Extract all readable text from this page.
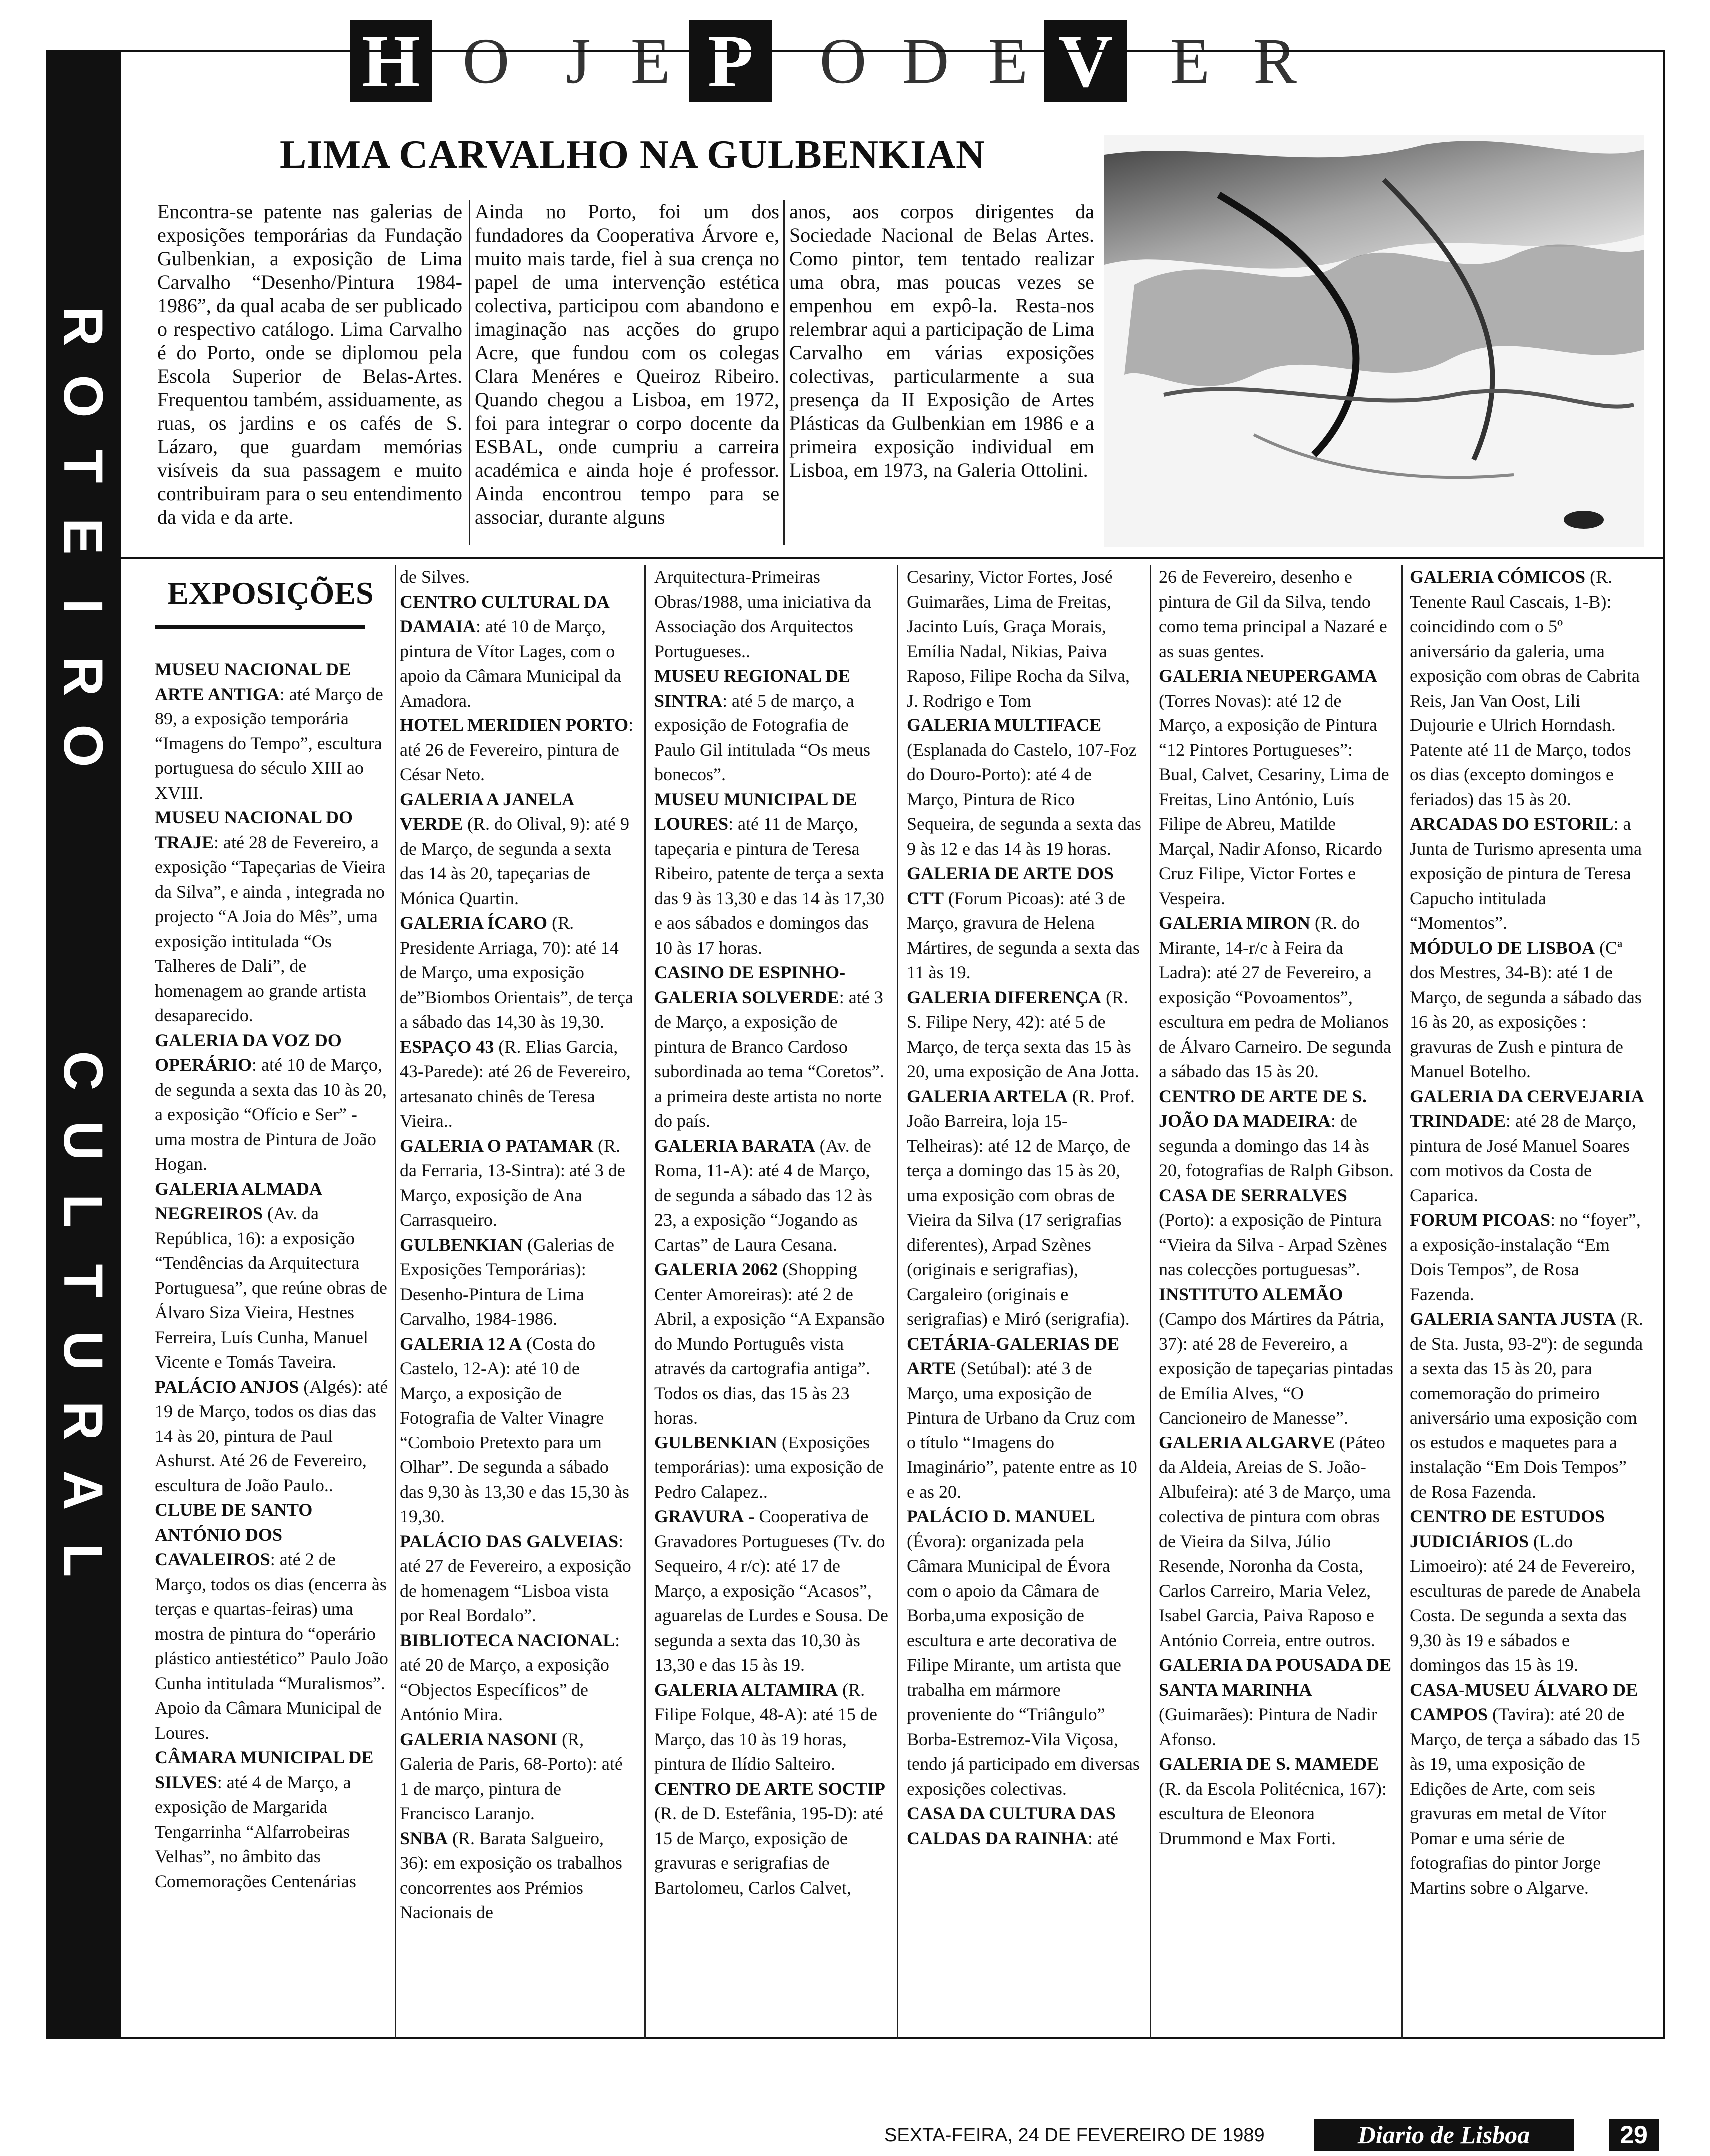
H O J E P O D E V E R
R
O
T
E
I
R
O
C
U
L
T
U
R
A
L
LIMA CARVALHO NA GULBENKIAN
Encontra-se patente nas galerias de exposições temporárias da Fundação Gulbenkian, a exposição de Lima Carvalho “Desenho/Pintura 1984-1986”, da qual acaba de ser publicado o respectivo catálogo. Lima Carvalho é do Porto, onde se diplomou pela Escola Superior de Belas-Artes. Frequentou também, assiduamente, as ruas, os jardins e os cafés de S. Lázaro, que guardam memórias visíveis da sua passagem e muito contribuiram para o seu entendimento da vida e da arte.
Ainda no Porto, foi um dos fundadores da Cooperativa Árvore e, muito mais tarde, fiel à sua crença no papel de uma intervenção estética colectiva, participou com abandono e imaginação nas acções do grupo Acre, que fundou com os colegas Clara Menéres e Queiroz Ribeiro. Quando chegou a Lisboa, em 1972, foi para integrar o corpo docente da ESBAL, onde cumpriu a carreira académica e ainda hoje é professor. Ainda encontrou tempo para se associar, durante alguns
anos, aos corpos dirigentes da Sociedade Nacional de Belas Artes. Como pintor, tem tentado realizar uma obra, mas poucas vezes se empenhou em expô-la. Resta-nos relembrar aqui a participação de Lima Carvalho em várias exposições colectivas, particularmente a sua presença da II Exposição de Artes Plásticas da Gulbenkian em 1986 e a primeira exposição individual em Lisboa, em 1973, na Galeria Ottolini.
EXPOSIÇÕES

MUSEU NACIONAL DE ARTE ANTIGA: até Março de 89, a exposição temporária “Imagens do Tempo”, escultura portuguesa do século XIII ao XVIII.

MUSEU NACIONAL DO TRAJE: até 28 de Fevereiro, a exposição “Tapeçarias de Vieira da Silva”, e ainda , integrada no projecto “A Joia do Mês”, uma exposição intitulada “Os Talheres de Dali”, de homenagem ao grande artista desaparecido.

GALERIA DA VOZ DO OPERÁRIO: até 10 de Março, de segunda a sexta das 10 às 20, a exposição “Ofício e Ser” - uma mostra de Pintura de João Hogan.

GALERIA ALMADA NEGREIROS (Av. da República, 16): a exposição “Tendências da Arquitectura Portuguesa”, que reúne obras de Álvaro Siza Vieira, Hestnes Ferreira, Luís Cunha, Manuel Vicente e Tomás Taveira.

PALÁCIO ANJOS (Algés): até 19 de Março, todos os dias das 14 às 20, pintura de Paul Ashurst. Até 26 de Fevereiro, escultura de João Paulo..

CLUBE DE SANTO ANTÓNIO DOS CAVALEIROS: até 2 de Março, todos os dias (encerra às terças e quartas-feiras) uma mostra de pintura do “operário plástico antiestético” Paulo João Cunha intitulada “Muralismos”. Apoio da Câmara Municipal de Loures.

CÂMARA MUNICIPAL DE SILVES: até 4 de Março, a exposição de Margarida Tengarrinha “Alfarrobeiras Velhas”, no âmbito das Comemorações Centenárias

de Silves.

CENTRO CULTURAL DA DAMAIA: até 10 de Março, pintura de Vítor Lages, com o apoio da Câmara Municipal da Amadora.

HOTEL MERIDIEN PORTO: até 26 de Fevereiro, pintura de César Neto.

GALERIA A JANELA VERDE (R. do Olival, 9): até 9 de Março, de segunda a sexta das 14 às 20, tapeçarias de Mónica Quartin.

GALERIA ÍCARO (R. Presidente Arriaga, 70): até 14 de Março, uma exposição de”Biombos Orientais”, de terça a sábado das 14,30 às 19,30.

ESPAÇO 43 (R. Elias Garcia, 43-Parede): até 26 de Fevereiro, artesanato chinês de Teresa Vieira..

GALERIA O PATAMAR (R. da Ferraria, 13-Sintra): até 3 de Março, exposição de Ana Carrasqueiro.

GULBENKIAN (Galerias de Exposições Temporárias): Desenho-Pintura de Lima Carvalho, 1984-1986.

GALERIA 12 A (Costa do Castelo, 12-A): até 10 de Março, a exposição de Fotografia de Valter Vinagre “Comboio Pretexto para um Olhar”. De segunda a sábado das 9,30 às 13,30 e das 15,30 às 19,30.

PALÁCIO DAS GALVEIAS: até 27 de Fevereiro, a exposição de homenagem “Lisboa vista por Real Bordalo”.

BIBLIOTECA NACIONAL: até 20 de Março, a exposição “Objectos Específicos” de António Mira.

GALERIA NASONI (R, Galeria de Paris, 68-Porto): até 1 de março, pintura de Francisco Laranjo.

SNBA (R. Barata Salgueiro, 36): em exposição os trabalhos concorrentes aos Prémios Nacionais de

Arquitectura-Primeiras Obras/1988, uma iniciativa da Associação dos Arquitectos Portugueses..

MUSEU REGIONAL DE SINTRA: até 5 de março, a exposição de Fotografia de Paulo Gil intitulada “Os meus bonecos”.

MUSEU MUNICIPAL DE LOURES: até 11 de Março, tapeçaria e pintura de Teresa Ribeiro, patente de terça a sexta das 9 às 13,30 e das 14 às 17,30 e aos sábados e domingos das 10 às 17 horas.

CASINO DE ESPINHO-GALERIA SOLVERDE: até 3 de Março, a exposição de pintura de Branco Cardoso subordinada ao tema “Coretos”. a primeira deste artista no norte do país.

GALERIA BARATA (Av. de Roma, 11-A): até 4 de Março, de segunda a sábado das 12 às 23, a exposição “Jogando as Cartas” de Laura Cesana.

GALERIA 2062 (Shopping Center Amoreiras): até 2 de Abril, a exposição “A Expansão do Mundo Português vista através da cartografia antiga”. Todos os dias, das 15 às 23 horas.

GULBENKIAN (Exposições temporárias): uma exposição de Pedro Calapez..

GRAVURA - Cooperativa de Gravadores Portugueses (Tv. do Sequeiro, 4 r/c): até 17 de Março, a exposição “Acasos”, aguarelas de Lurdes e Sousa. De segunda a sexta das 10,30 às 13,30 e das 15 às 19.

GALERIA ALTAMIRA (R. Filipe Folque, 48-A): até 15 de Março, das 10 às 19 horas, pintura de Ilídio Salteiro.

CENTRO DE ARTE SOCTIP (R. de D. Estefânia, 195-D): até 15 de Março, exposição de gravuras e serigrafias de Bartolomeu, Carlos Calvet,

Cesariny, Victor Fortes, José Guimarães, Lima de Freitas, Jacinto Luís, Graça Morais, Emília Nadal, Nikias, Paiva Raposo, Filipe Rocha da Silva, J. Rodrigo e Tom

GALERIA MULTIFACE (Esplanada do Castelo, 107-Foz do Douro-Porto): até 4 de Março, Pintura de Rico Sequeira, de segunda a sexta das 9 às 12 e das 14 às 19 horas.

GALERIA DE ARTE DOS CTT (Forum Picoas): até 3 de Março, gravura de Helena Mártires, de segunda a sexta das 11 às 19.

GALERIA DIFERENÇA (R. S. Filipe Nery, 42): até 5 de Março, de terça sexta das 15 às 20, uma exposição de Ana Jotta.

GALERIA ARTELA (R. Prof. João Barreira, loja 15-Telheiras): até 12 de Março, de terça a domingo das 15 às 20, uma exposição com obras de Vieira da Silva (17 serigrafias diferentes), Arpad Szènes (originais e serigrafias), Cargaleiro (originais e serigrafias) e Miró (serigrafia).

CETÁRIA-GALERIAS DE ARTE (Setúbal): até 3 de Março, uma exposição de Pintura de Urbano da Cruz com o título “Imagens do Imaginário”, patente entre as 10 e as 20.

PALÁCIO D. MANUEL (Évora): organizada pela Câmara Municipal de Évora com o apoio da Câmara de Borba,uma exposição de escultura e arte decorativa de Filipe Mirante, um artista que trabalha em mármore proveniente do “Triângulo” Borba-Estremoz-Vila Viçosa, tendo já participado em diversas exposições colectivas.

CASA DA CULTURA DAS CALDAS DA RAINHA: até

26 de Fevereiro, desenho e pintura de Gil da Silva, tendo como tema principal a Nazaré e as suas gentes.

GALERIA NEUPERGAMA (Torres Novas): até 12 de Março, a exposição de Pintura “12 Pintores Portugueses”: Bual, Calvet, Cesariny, Lima de Freitas, Lino António, Luís Filipe de Abreu, Matilde Marçal, Nadir Afonso, Ricardo Cruz Filipe, Victor Fortes e Vespeira.

GALERIA MIRON (R. do Mirante, 14-r/c à Feira da Ladra): até 27 de Fevereiro, a exposição “Povoamentos”, escultura em pedra de Molianos de Álvaro Carneiro. De segunda a sábado das 15 às 20.

CENTRO DE ARTE DE S. JOÃO DA MADEIRA: de segunda a domingo das 14 às 20, fotografias de Ralph Gibson.

CASA DE SERRALVES (Porto): a exposição de Pintura “Vieira da Silva - Arpad Szènes nas colecções portuguesas”.

INSTITUTO ALEMÃO (Campo dos Mártires da Pátria, 37): até 28 de Fevereiro, a exposição de tapeçarias pintadas de Emília Alves, “O Cancioneiro de Manesse”.

GALERIA ALGARVE (Páteo da Aldeia, Areias de S. João-Albufeira): até 3 de Março, uma colectiva de pintura com obras de Vieira da Silva, Júlio Resende, Noronha da Costa, Carlos Carreiro, Maria Velez, Isabel Garcia, Paiva Raposo e António Correia, entre outros.

GALERIA DA POUSADA DE SANTA MARINHA (Guimarães): Pintura de Nadir Afonso.

GALERIA DE S. MAMEDE (R. da Escola Politécnica, 167): escultura de Eleonora Drummond e Max Forti.

GALERIA CÓMICOS (R. Tenente Raul Cascais, 1-B): coincidindo com o 5º aniversário da galeria, uma exposição com obras de Cabrita Reis, Jan Van Oost, Lili Dujourie e Ulrich Horndash. Patente até 11 de Março, todos os dias (excepto domingos e feriados) das 15 às 20.

ARCADAS DO ESTORIL: a Junta de Turismo apresenta uma exposição de pintura de Teresa Capucho intitulada “Momentos”.

MÓDULO DE LISBOA (Cª dos Mestres, 34-B): até 1 de Março, de segunda a sábado das 16 às 20, as exposições : gravuras de Zush e pintura de Manuel Botelho.

GALERIA DA CERVEJARIA TRINDADE: até 28 de Março, pintura de José Manuel Soares com motivos da Costa de Caparica.

FORUM PICOAS: no “foyer”, a exposição-instalação “Em Dois Tempos”, de Rosa Fazenda.

GALERIA SANTA JUSTA (R. de Sta. Justa, 93-2º): de segunda a sexta das 15 às 20, para comemoração do primeiro aniversário uma exposição com os estudos e maquetes para a instalação “Em Dois Tempos” de Rosa Fazenda.

CENTRO DE ESTUDOS JUDICIÁRIOS (L.do Limoeiro): até 24 de Fevereiro, esculturas de parede de Anabela Costa. De segunda a sexta das 9,30 às 19 e sábados e domingos das 15 às 19.

CASA-MUSEU ÁLVARO DE CAMPOS (Tavira): até 20 de Março, de terça a sábado das 15 às 19, uma exposição de Edições de Arte, com seis gravuras em metal de Vítor Pomar e uma série de fotografias do pintor Jorge Martins sobre o Algarve.

SEXTA-FEIRA, 24 DE FEVEREIRO DE 1989	Diario de Lisboa	29
